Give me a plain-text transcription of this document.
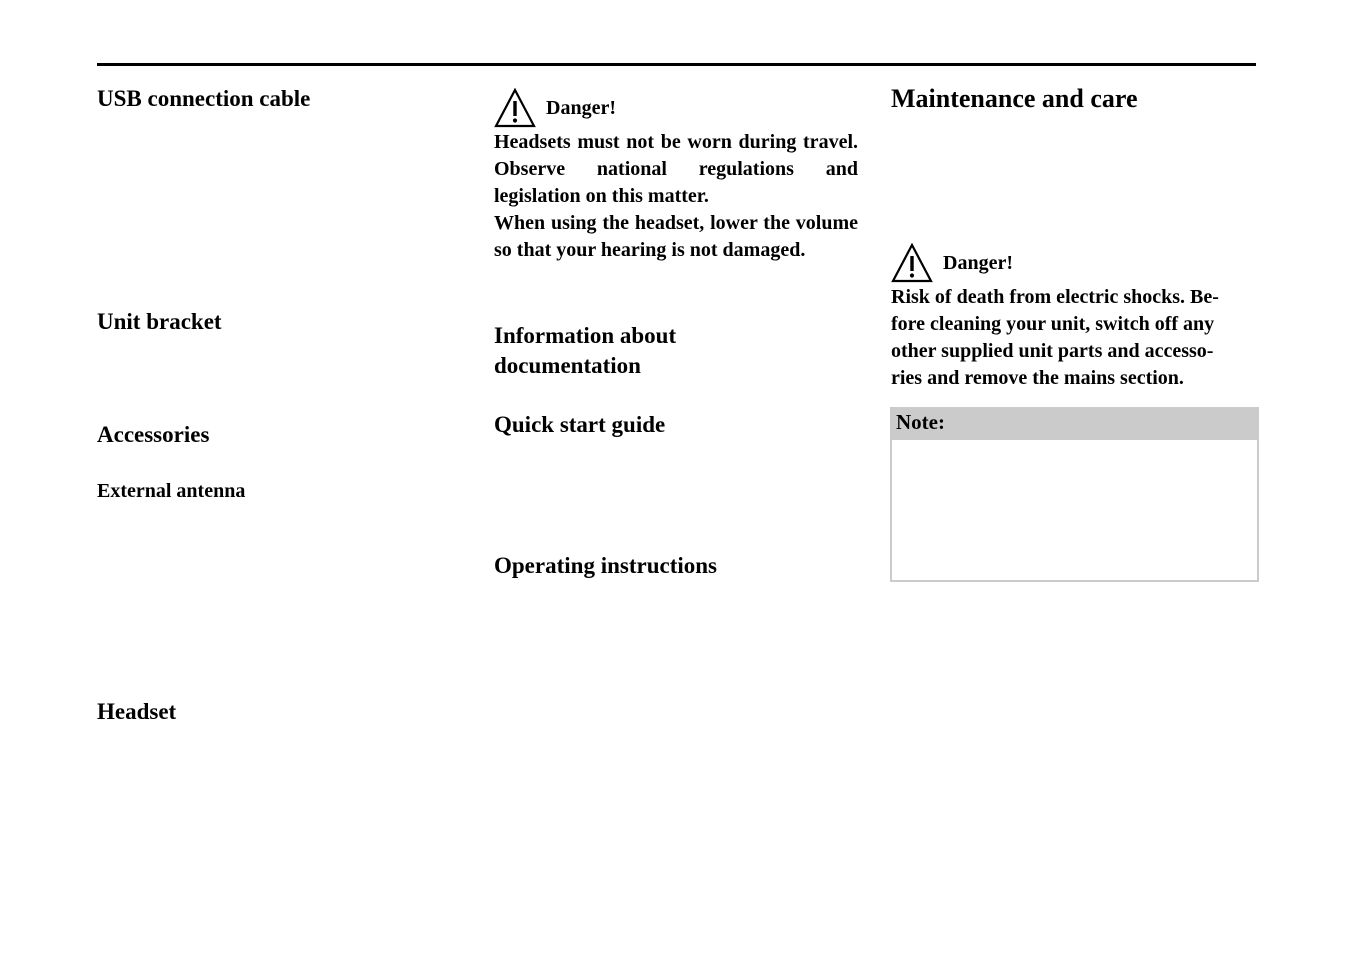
USB connection cable
Unit bracket
Accessories
External antenna
Headset
Danger!

Headsets must not be worn during travel. Observe national regulations and legislation on this matter.

When using the headset, lower the volume so that your hearing is not damaged.

Information about
documentation
Quick start guide
Operating instructions
Maintenance and care
Danger!
Risk of death from electric shocks. Be-
fore cleaning your unit, switch off any
other supplied unit parts and accesso-
ries and remove the mains section.
Note:
